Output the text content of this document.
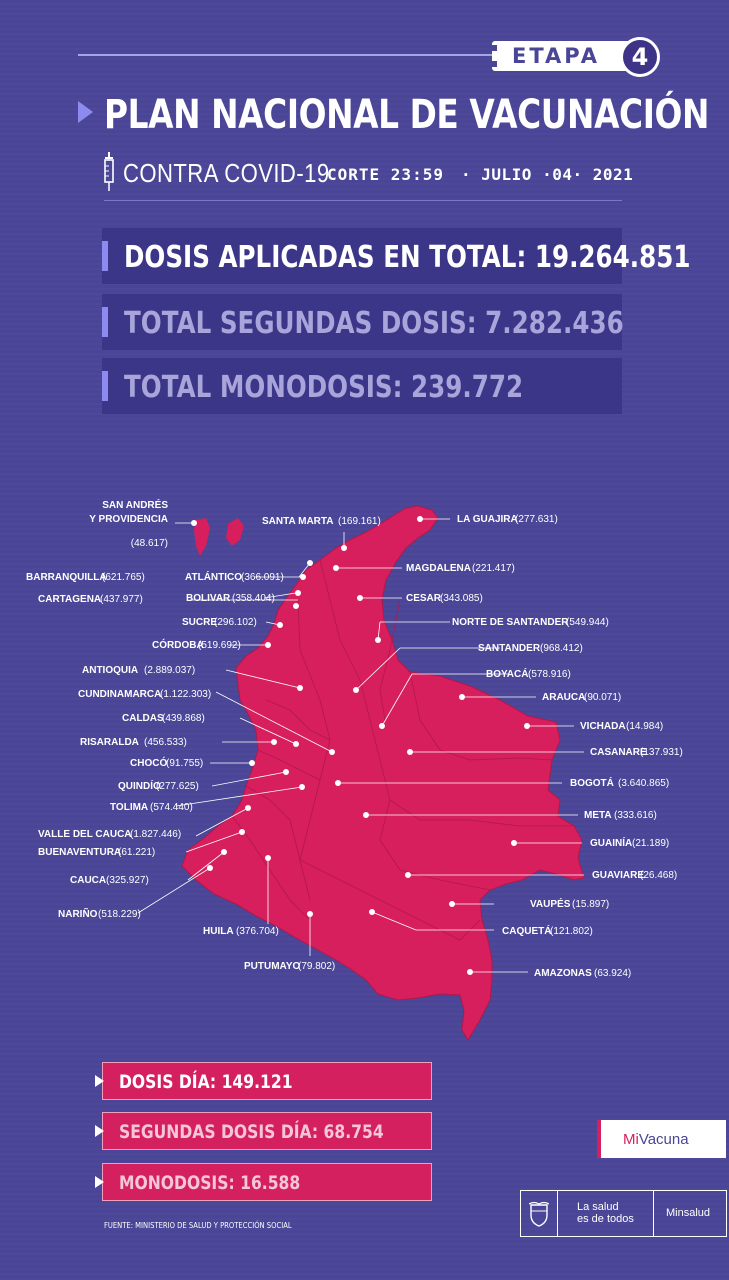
ETAPA	4
PLAN NACIONAL DE VACUNACIÓN
CONTRA COVID-19
CORTE 23:59 · JULIO ·04· 2021
DOSIS APLICADAS EN TOTAL: 19.264.851
TOTAL SEGUNDAS DOSIS: 7.282.436
TOTAL MONODOSIS: 239.772
SAN ANDRÉS
Y PROVIDENCIA
(48.617)
SANTA MARTA (169.161)	LA GUAJIRA
(277.631)
MAGDALENA (221.417)
BARRANQUILLA
(621.765)	ATLÁNTICO
(366.091)
CARTAGENA
(437.977)	BOLIVAR (358.404)	CESAR
(343.085)
SUCRE
(296.102)	NORTE DE SANTANDER
(549.944)
CÓRDOBA
(519.692)	SANTANDER (968.412)
ANTIOQUIA (2.889.037)	BOYACÁ (578.916)
CUNDINAMARCA
(1.122.303)	ARAUCA
(90.071)
CALDAS
(439.868)
VICHADA (14.984)
RISARALDA (456.533)
CASANARE
(137.931)
CHOCÓ
(91.755)
BOGOTÁ (3.640.865)
QUINDÍO
(277.625)
TOLIMA (574.440)
META (333.616)
VALLE DEL CAUCA
(1.827.446)
GUAINÍA (21.189)
BUENAVENTURA
(61.221)
CAUCA (325.927)	GUAVIARE
(26.468)
VAUPÉS (15.897)
NARIÑO (518.229)
CAQUETÁ
(121.802)
HUILA (376.704)
PUTUMAYO
(79.802)
AMAZONAS (63.924)
DOSIS DÍA: 149.121
SEGUNDAS DOSIS DÍA: 68.754
MONODOSIS: 16.588
MiVacuna
FUENTE: MINISTERIO DE SALUD Y PROTECCIÓN SOCIAL
La salud
es de todos	Minsalud
